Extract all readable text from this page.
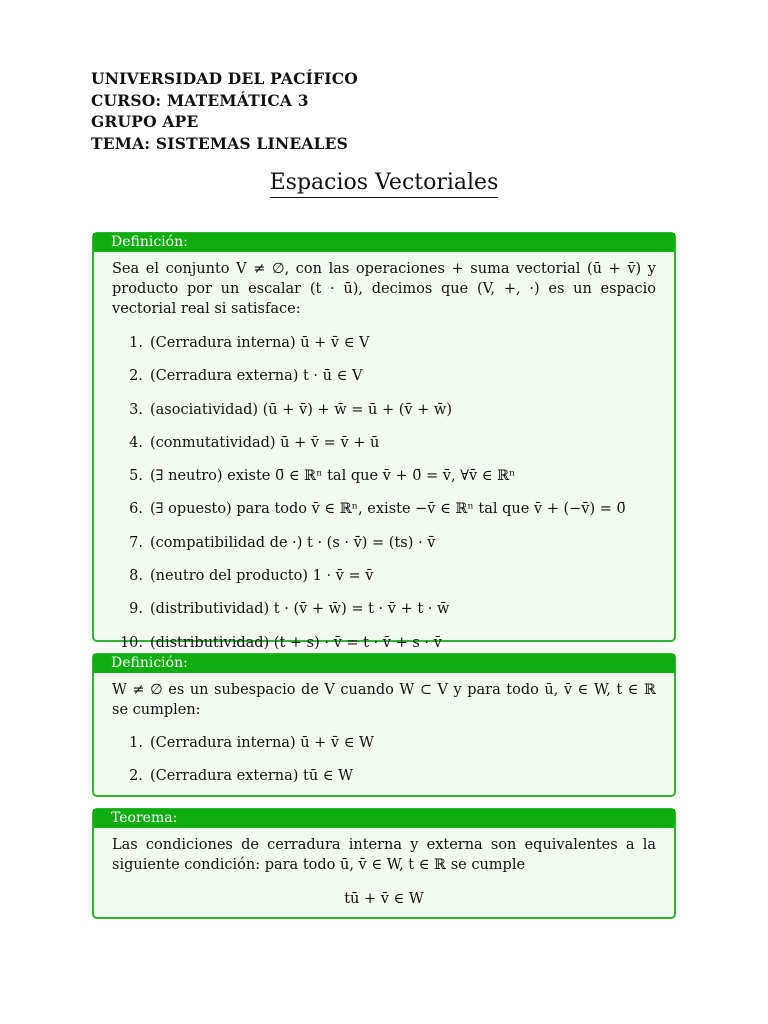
UNIVERSIDAD DEL PACÍFICO
CURSO: MATEMÁTICA 3
GRUPO APE
TEMA: SISTEMAS LINEALES
Espacios Vectoriales
Definición:

Sea el conjunto V ≠ ∅, con las operaciones + suma vectorial (ū + v̄) y producto por un escalar (t · ū), decimos que (V, +, ·) es un espacio vectorial real si satisface:

1. (Cerradura interna) ū + v̄ ∈ V
2. (Cerradura externa) t · ū ∈ V
3. (asociatividad) (ū + v̄) + w̄ = ū + (v̄ + w̄)
4. (conmutatividad) ū + v̄ = v̄ + ū
5. (∃ neutro) existe 0̄ ∈ ℝⁿ tal que v̄ + 0̄ = v̄, ∀v̄ ∈ ℝⁿ
6. (∃ opuesto) para todo v̄ ∈ ℝⁿ, existe −v̄ ∈ ℝⁿ tal que v̄ + (−v̄) = 0̄
7. (compatibilidad de ·) t · (s · v̄) = (ts) · v̄
8. (neutro del producto) 1 · v̄ = v̄
9. (distributividad) t · (v̄ + w̄) = t · v̄ + t · w̄
10. (distributividad) (t + s) · v̄ = t · v̄ + s · v̄
Definición:

W ≠ ∅ es un subespacio de V cuando W ⊂ V y para todo ū, v̄ ∈ W, t ∈ ℝ se cumplen:

1. (Cerradura interna) ū + v̄ ∈ W
2. (Cerradura externa) tū ∈ W
Teorema:

Las condiciones de cerradura interna y externa son equivalentes a la siguiente condición: para todo ū, v̄ ∈ W, t ∈ ℝ se cumple

tū + v̄ ∈ W
